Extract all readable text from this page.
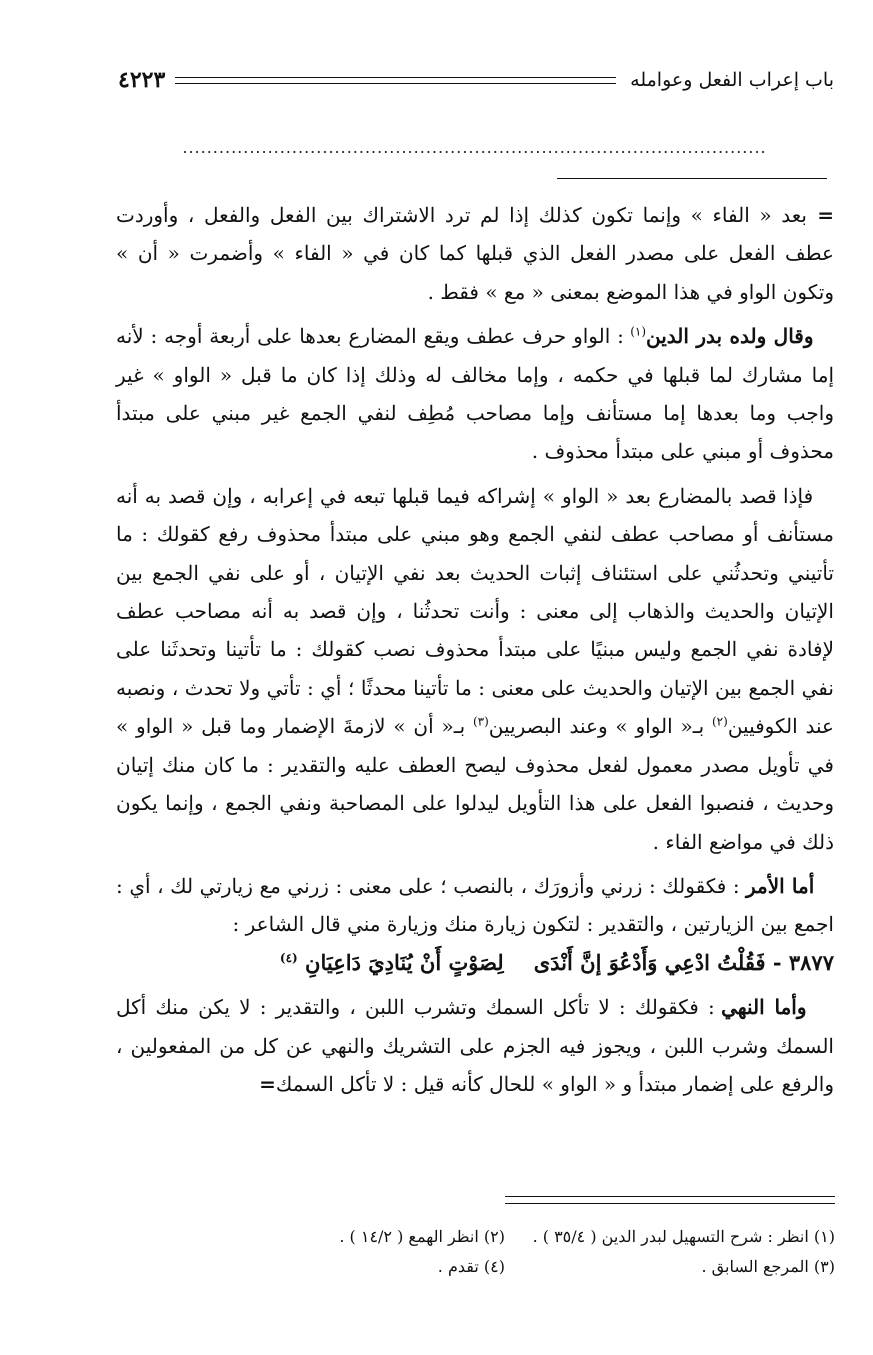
باب إعراب الفعل وعوامله
٤٢٢٣
................................................................................................

= بعد « الفاء » وإنما تكون كذلك إذا لم ترد الاشتراك بين الفعل والفعل ، وأوردت عطف الفعل على مصدر الفعل الذي قبلها كما كان في « الفاء » وأضمرت « أن » وتكون الواو في هذا الموضع بمعنى « مع » فقط .

وقال ولده بدر الدين$^{(١)}$ : الواو حرف عطف ويقع المضارع بعدها على أربعة أوجه : لأنه إما مشارك لما قبلها في حكمه ، وإما مخالف له وذلك إذا كان ما قبل « الواو » غير واجب وما بعدها إما مستأنف وإما مصاحب مُطِف لنفي الجمع غير مبني على مبتدأ محذوف أو مبني على مبتدأ محذوف .

فإذا قصد بالمضارع بعد « الواو » إشراكه فيما قبلها تبعه في إعرابه ، وإن قصد به أنه مستأنف أو مصاحب عطف لنفي الجمع وهو مبني على مبتدأ محذوف رفع كقولك : ما تأتيني وتحدثُني على استئناف إثبات الحديث بعد نفي الإتيان ، أو على نفي الجمع بين الإتيان والحديث والذهاب إلى معنى : وأنت تحدثُنا ، وإن قصد به أنه مصاحب عطف لإفادة نفي الجمع وليس مبنيًا على مبتدأ محذوف نصب كقولك : ما تأتينا وتحدثَنا على نفي الجمع بين الإتيان والحديث على معنى : ما تأتينا محدثًا ؛ أي : تأتي ولا تحدث ، ونصبه عند الكوفيين$^{(٢)}$ بـ« الواو » وعند البصريين$^{(٣)}$ بـ« أن » لازمةَ الإضمار وما قبل « الواو » في تأويل مصدر معمول لفعل محذوف ليصح العطف عليه والتقدير : ما كان منك إتيان وحديث ، فنصبوا الفعل على هذا التأويل ليدلوا على المصاحبة ونفي الجمع ، وإنما يكون ذلك في مواضع الفاء .

أما الأمر : فكقولك : زرني وأزورَك ، بالنصب ؛ على معنى : زرني مع زيارتي لك ، أي : اجمع بين الزيارتين ، والتقدير : لتكون زيارة منك وزيارة مني قال الشاعر :

٣٨٧٧ - فَقُلْتُ ادْعِي وَأَدْعُوَ إنَّ أَنْدَىلِصَوْتٍ أَنْ يُنَادِيَ دَاعِيَانِ $^{(٤)}$

وأما النهي : فكقولك : لا تأكل السمك وتشرب اللبن ، والتقدير : لا يكن منك أكل السمك وشرب اللبن ، ويجوز فيه الجزم على التشريك والنهي عن كل من المفعولين ، والرفع على إضمار مبتدأ و « الواو » للحال كأنه قيل : لا تأكل السمك=

(١) انظر : شرح التسهيل لبدر الدين ( ٣٥/٤ ) .
(٢) انظر الهمع ( ١٤/٢ ) .
(٣) المرجع السابق .
(٤) تقدم .
